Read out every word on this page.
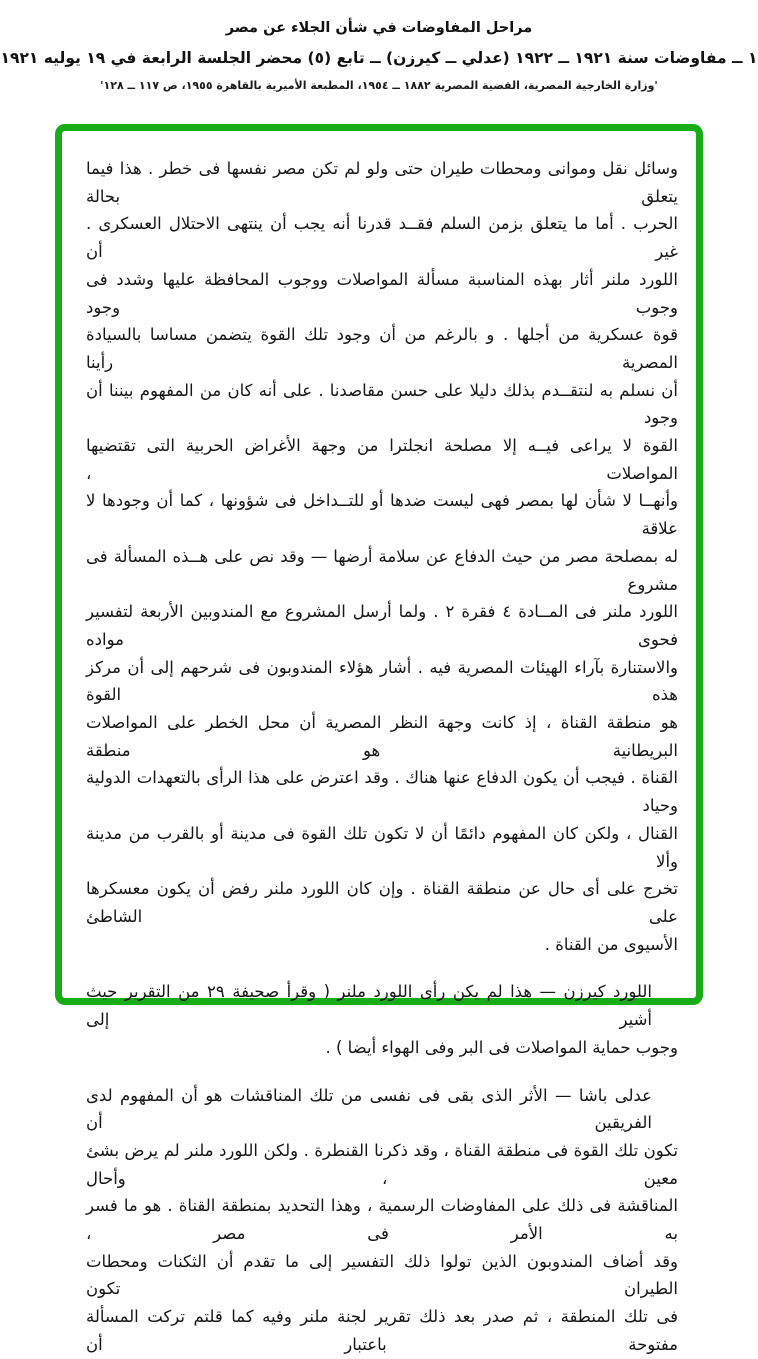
مراحل المفاوضات في شأن الجلاء عن مصر
١ ــ مفاوضات سنة ١٩٢١ ــ ١٩٢٢ (عدلي ــ كيرزن) ــ تابع (٥) محضر الجلسة الرابعة في ١٩ يوليه ١٩٢١
'وزارة الخارجية المصرية، القضية المصرية ١٨٨٢ ــ ١٩٥٤، المطبعة الأميرية بالقاهرة ١٩٥٥، ص ١١٧ ــ ١٢٨'
وسائل نقل وموانى ومحطات طيران حتى ولو لم تكن مصر نفسها فى خطر . هذا فيما يتعلق بحالة
الحرب . أما ما يتعلق بزمن السلم فقــد قدرنا أنه يجب أن ينتهى الاحتلال العسكرى . غير أن
اللورد ملنر أثار بهذه المناسبة مسألة المواصلات ووجوب المحافظة عليها وشدد فى وجوب وجود
قوة عسكرية من أجلها . و بالرغم من أن وجود تلك القوة يتضمن مساسا بالسيادة المصرية رأينا
أن نسلم به لنتقــدم بذلك دليلا على حسن مقاصدنا . على أنه كان من المفهوم بيننا أن وجود
القوة لا يراعى فيــه إلا مصلحة انجلترا من وجهة الأغراض الحربية التى تقتضيها المواصلات ،
وأنهــا لا شأن لها بمصر فهى ليست ضدها أو للتــداخل فى شؤونها ، كما أن وجودها لا علاقة
له بمصلحة مصر من حيث الدفاع عن سلامة أرضها — وقد نص على هــذه المسألة فى مشروع
اللورد ملنر فى المــادة ٤ فقرة ٢ . ولما أرسل المشروع مع المندوبين الأربعة لتفسير فحوى مواده
والاستنارة بآراء الهيئات المصرية فيه . أشار هؤلاء المندوبون فى شرحهم إلى أن مركز هذه القوة
هو منطقة القناة ، إذ كانت وجهة النظر المصرية أن محل الخطر على المواصلات البريطانية هو منطقة
القناة . فيجب أن يكون الدفاع عنها هناك . وقد اعترض على هذا الرأى بالتعهدات الدولية وحياد
القنال ، ولكن كان المفهوم دائمًا أن لا تكون تلك القوة فى مدينة أو بالقرب من مدينة وألا
تخرج على أى حال عن منطقة القناة . وإن كان اللورد ملنر رفض أن يكون معسكرها على الشاطئ
الأسيوى من القناة .
اللورد كيرزن — هذا لم يكن رأى اللورد ملنر ( وقرأ صحيفة ٢٩ من التقرير حيث أشير إلى
وجوب حماية المواصلات فى البر وفى الهواء أيضا ) .
عدلى باشا — الأثر الذى بقى فى نفسى من تلك المناقشات هو أن المفهوم لدى الفريقين أن
تكون تلك القوة فى منطقة القناة ، وقد ذكرنا القنطرة . ولكن اللورد ملنر لم يرض بشئ معين ، وأحال
المناقشة فى ذلك على المفاوضات الرسمية ، وهذا التحديد بمنطقة القناة . هو ما فسر به الأمر فى مصر ،
وقد أضاف المندوبون الذين تولوا ذلك التفسير إلى ما تقدم أن الثكنات ومحطات الطيران تكون
فى تلك المنطقة ، ثم صدر بعد ذلك تقرير لجنة ملنر وفيه كما قلتم تركت المسألة مفتوحة باعتبار أن
